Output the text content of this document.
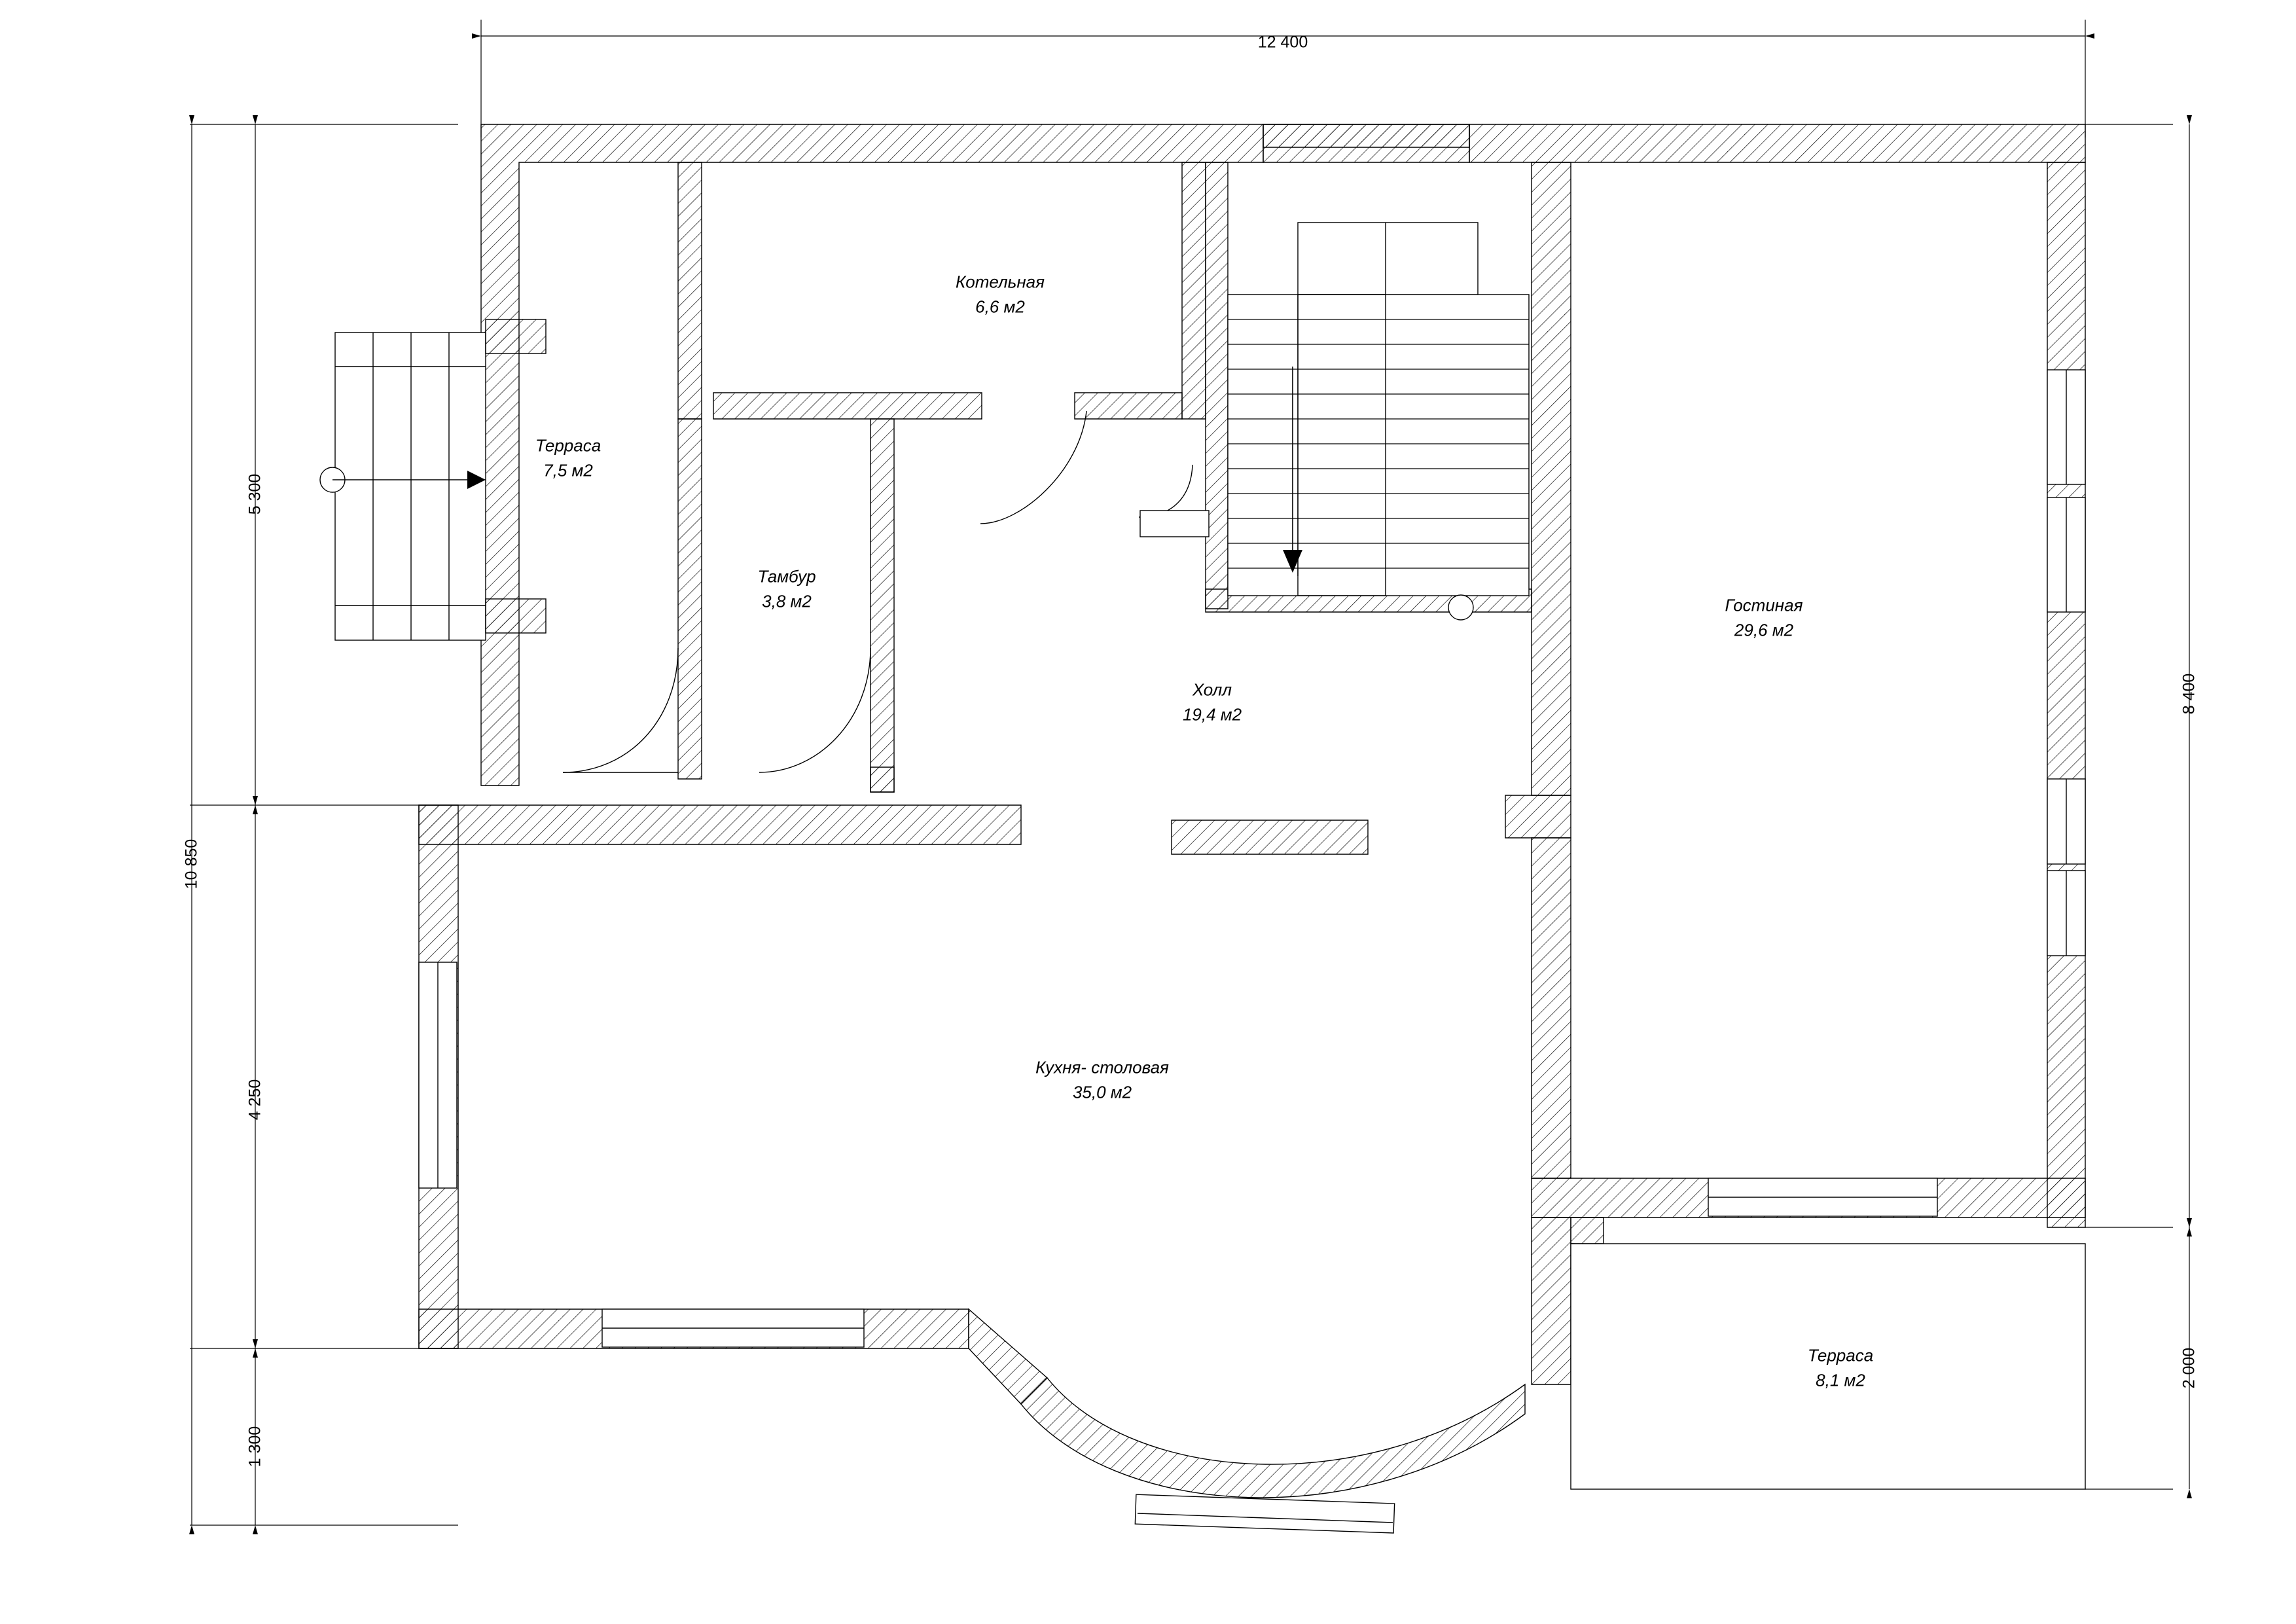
Терраса
7,5 м2
Котельная
6,6 м2
Тамбур
3,8 м2
Холл
19,4 м2
Гостиная
29,6 м2
Кухня- столовая
35,0 м2
Терраса
8,1 м2
12 400
8 400
2 000
5 300
4 250
1 300
10 850
